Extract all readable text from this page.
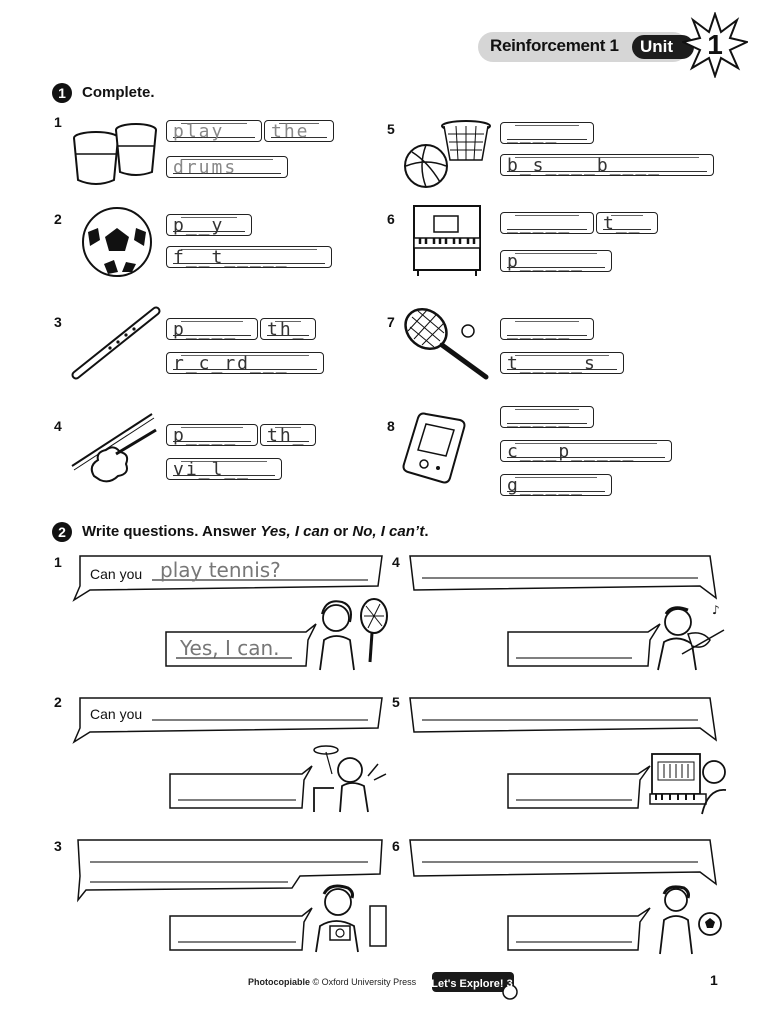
Reinforcement 1	Unit	1
1	Complete.
1
2
3
4
5
6
7
8
play	the
drums
p__y
f__t_____
p____	th_
r_c_rd___
p____	th_
vi_l__
____
b_s____b____
_____	t__
p_____
_____
t_____s
_____
c___p_____
g_____
2	Write questions. Answer Yes, I can or No, I can’t.
1
2
3
4
5
6
Can you play tennis?
Yes, I can.
Can you
♪
Photocopiable © Oxford University Press Let's Explore! 3	1
